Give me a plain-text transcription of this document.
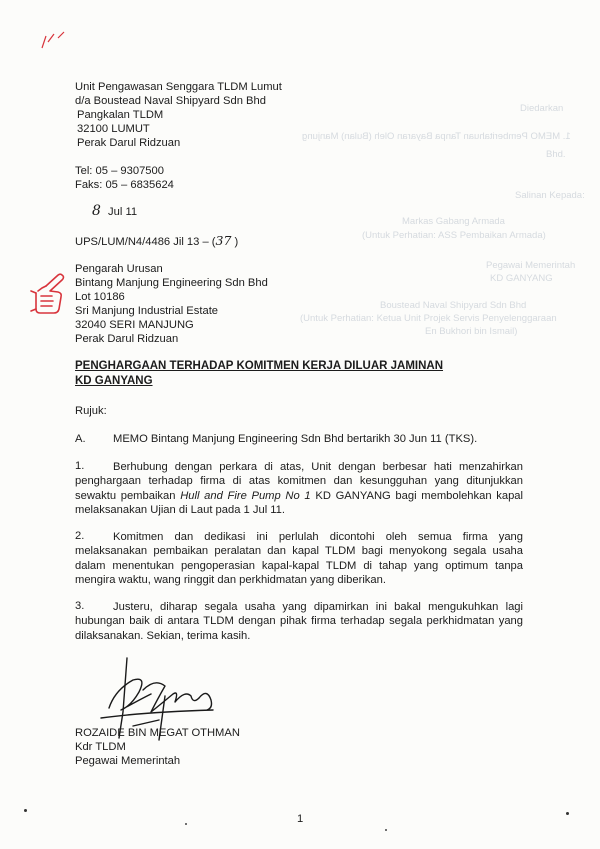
Diedarkan
1. MEMO Pemberitahuan Tanpa Bayaran Oleh (Bulan) Manjung
Bhd.
Salinan Kepada:
Markas Gabang Armada
(Untuk Perhatian: ASS Pembaikan Armada)
Pegawai Memerintah
KD GANYANG
Boustead Naval Shipyard Sdn Bhd
(Untuk Perhatian: Ketua Unit Projek Servis Penyelenggaraan
En Bukhori bin Ismail)
Unit Pengawasan Senggara TLDM Lumut
d/a Boustead Naval Shipyard Sdn Bhd
Pangkalan TLDM
32100 LUMUT
Perak Darul Ridzuan
Tel: 05 – 9307500
Faks: 05 – 6835624
8 Jul 11
UPS/LUM/N4/4486 Jil 13 – (37 )
Pengarah Urusan
Bintang Manjung Engineering Sdn Bhd
Lot 10186
Sri Manjung Industrial Estate
32040 SERI MANJUNG
Perak Darul Ridzuan
PENGHARGAAN TERHADAP KOMITMEN KERJA DILUAR JAMINAN
KD GANYANG
Rujuk:
A. MEMO Bintang Manjung Engineering Sdn Bhd bertarikh 30 Jun 11 (TKS).
1.	Berhubung dengan perkara di atas, Unit dengan berbesar hati menzahirkan penghargaan terhadap firma di atas komitmen dan kesungguhan yang ditunjukkan sewaktu pembaikan Hull and Fire Pump No 1 KD GANYANG bagi membolehkan kapal melaksanakan Ujian di Laut pada 1 Jul 11.
2.	Komitmen dan dedikasi ini perlulah dicontohi oleh semua firma yang melaksanakan pembaikan peralatan dan kapal TLDM bagi menyokong segala usaha dalam menentukan pengoperasian kapal-kapal TLDM di tahap yang optimum tanpa mengira waktu, wang ringgit dan perkhidmatan yang diberikan.
3.	Justeru, diharap segala usaha yang dipamirkan ini bakal mengukuhkan lagi hubungan baik di antara TLDM dengan pihak firma terhadap segala perkhidmatan yang dilaksanakan. Sekian, terima kasih.
ROZAIDE BIN MEGAT OTHMAN
Kdr TLDM
Pegawai Memerintah
1
